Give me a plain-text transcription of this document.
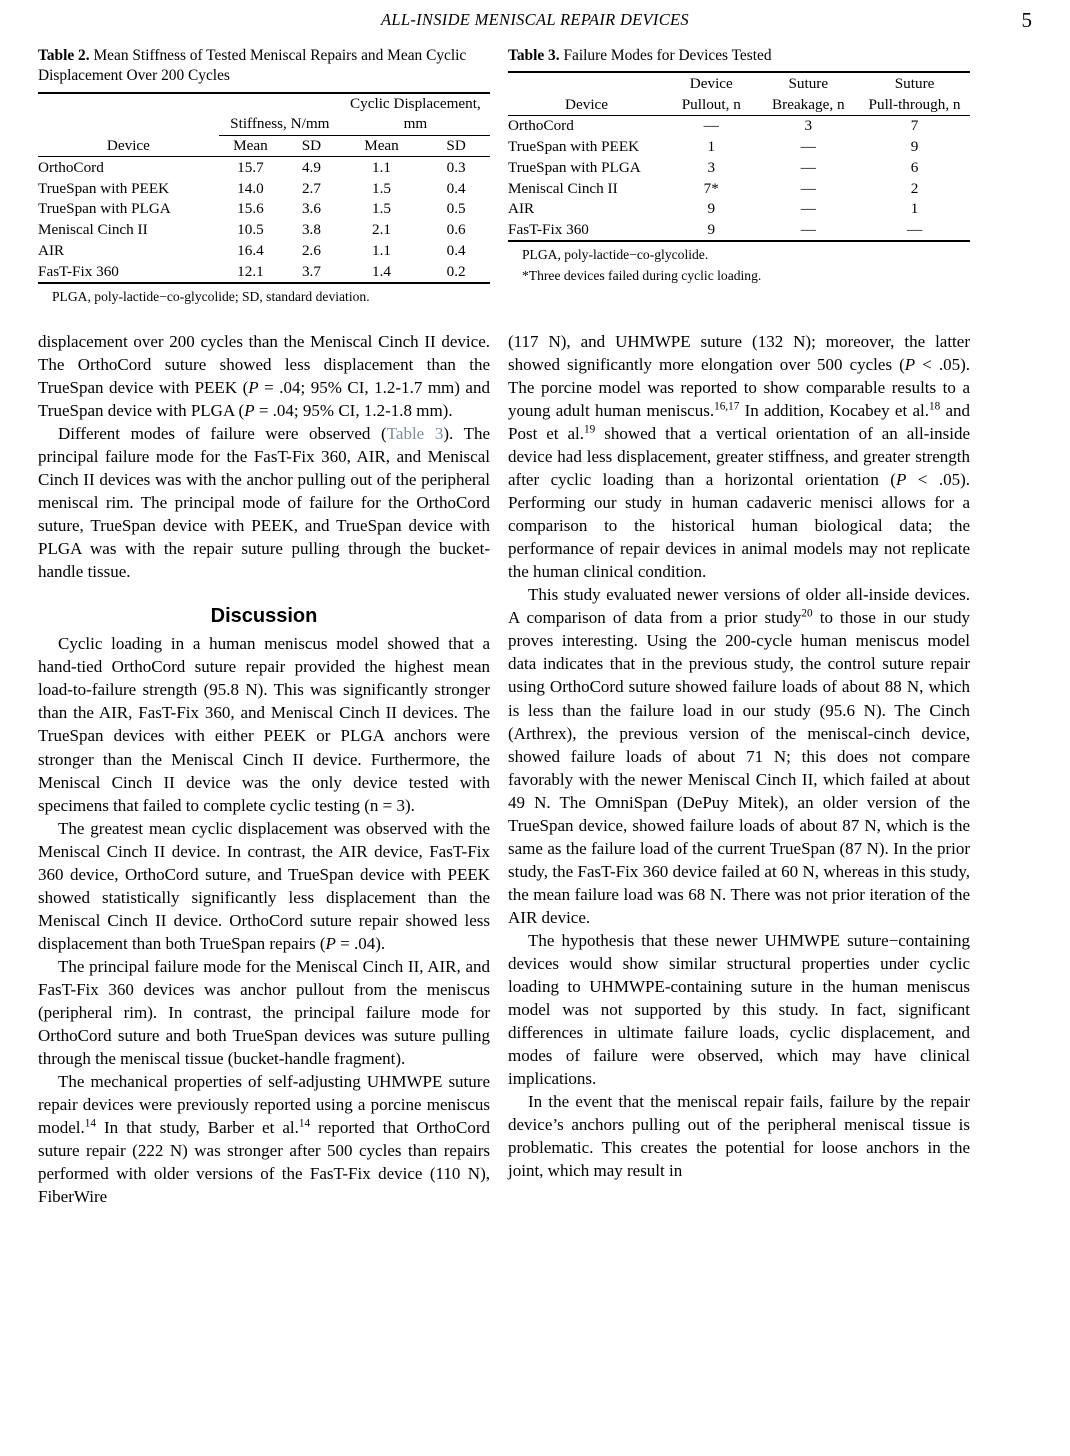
ALL-INSIDE MENISCAL REPAIR DEVICES	5
Table 2. Mean Stiffness of Tested Meniscal Repairs and Mean Cyclic Displacement Over 200 Cycles
	Stiffness, N/mm		Cyclic Displacement, mm	
Device	Mean	SD	Mean	SD
OrthoCord	15.7	4.9	1.1	0.3
TrueSpan with PEEK	14.0	2.7	1.5	0.4
TrueSpan with PLGA	15.6	3.6	1.5	0.5
Meniscal Cinch II	10.5	3.8	2.1	0.6
AIR	16.4	2.6	1.1	0.4
FasT-Fix 360	12.1	3.7	1.4	0.2
PLGA, poly-lactide−co-glycolide; SD, standard deviation.
Table 3. Failure Modes for Devices Tested
	Device	Suture	Suture
Device	Pullout, n	Breakage, n	Pull-through, n
OrthoCord	—	3	7
TrueSpan with PEEK	1	—	9
TrueSpan with PLGA	3	—	6
Meniscal Cinch II	7*	—	2
AIR	9	—	1
FasT-Fix 360	9	—	—
PLGA, poly-lactide−co-glycolide.
*Three devices failed during cyclic loading.

displacement over 200 cycles than the Meniscal Cinch II device. The OrthoCord suture showed less displacement than the TrueSpan device with PEEK (P = .04; 95% CI, 1.2-1.7 mm) and TrueSpan device with PLGA (P = .04; 95% CI, 1.2-1.8 mm).

Different modes of failure were observed (Table 3). The principal failure mode for the FasT-Fix 360, AIR, and Meniscal Cinch II devices was with the anchor pulling out of the peripheral meniscal rim. The principal mode of failure for the OrthoCord suture, TrueSpan device with PEEK, and TrueSpan device with PLGA was with the repair suture pulling through the bucket-handle tissue.

Discussion

Cyclic loading in a human meniscus model showed that a hand-tied OrthoCord suture repair provided the highest mean load-to-failure strength (95.8 N). This was significantly stronger than the AIR, FasT-Fix 360, and Meniscal Cinch II devices. The TrueSpan devices with either PEEK or PLGA anchors were stronger than the Meniscal Cinch II device. Furthermore, the Meniscal Cinch II device was the only device tested with specimens that failed to complete cyclic testing (n = 3).

The greatest mean cyclic displacement was observed with the Meniscal Cinch II device. In contrast, the AIR device, FasT-Fix 360 device, OrthoCord suture, and TrueSpan device with PEEK showed statistically significantly less displacement than the Meniscal Cinch II device. OrthoCord suture repair showed less displacement than both TrueSpan repairs (P = .04).

The principal failure mode for the Meniscal Cinch II, AIR, and FasT-Fix 360 devices was anchor pullout from the meniscus (peripheral rim). In contrast, the principal failure mode for OrthoCord suture and both TrueSpan devices was suture pulling through the meniscal tissue (bucket-handle fragment).

The mechanical properties of self-adjusting UHMWPE suture repair devices were previously reported using a porcine meniscus model.$^{14}$ In that study, Barber et al.$^{14}$ reported that OrthoCord suture repair (222 N) was stronger after 500 cycles than repairs performed with older versions of the FasT-Fix device (110 N), FiberWire

(117 N), and UHMWPE suture (132 N); moreover, the latter showed significantly more elongation over 500 cycles (P < .05). The porcine model was reported to show comparable results to a young adult human meniscus.$^{16,17}$ In addition, Kocabey et al.$^{18}$ and Post et al.$^{19}$ showed that a vertical orientation of an all-inside device had less displacement, greater stiffness, and greater strength after cyclic loading than a horizontal orientation (P < .05). Performing our study in human cadaveric menisci allows for a comparison to the historical human biological data; the performance of repair devices in animal models may not replicate the human clinical condition.

This study evaluated newer versions of older all-inside devices. A comparison of data from a prior study$^{20}$ to those in our study proves interesting. Using the 200-cycle human meniscus model data indicates that in the previous study, the control suture repair using OrthoCord suture showed failure loads of about 88 N, which is less than the failure load in our study (95.6 N). The Cinch (Arthrex), the previous version of the meniscal-cinch device, showed failure loads of about 71 N; this does not compare favorably with the newer Meniscal Cinch II, which failed at about 49 N. The OmniSpan (DePuy Mitek), an older version of the TrueSpan device, showed failure loads of about 87 N, which is the same as the failure load of the current TrueSpan (87 N). In the prior study, the FasT-Fix 360 device failed at 60 N, whereas in this study, the mean failure load was 68 N. There was not prior iteration of the AIR device.

The hypothesis that these newer UHMWPE suture−containing devices would show similar structural properties under cyclic loading to UHMWPE-containing suture in the human meniscus model was not supported by this study. In fact, significant differences in ultimate failure loads, cyclic displacement, and modes of failure were observed, which may have clinical implications.

In the event that the meniscal repair fails, failure by the repair device’s anchors pulling out of the peripheral meniscal tissue is problematic. This creates the potential for loose anchors in the joint, which may result in
